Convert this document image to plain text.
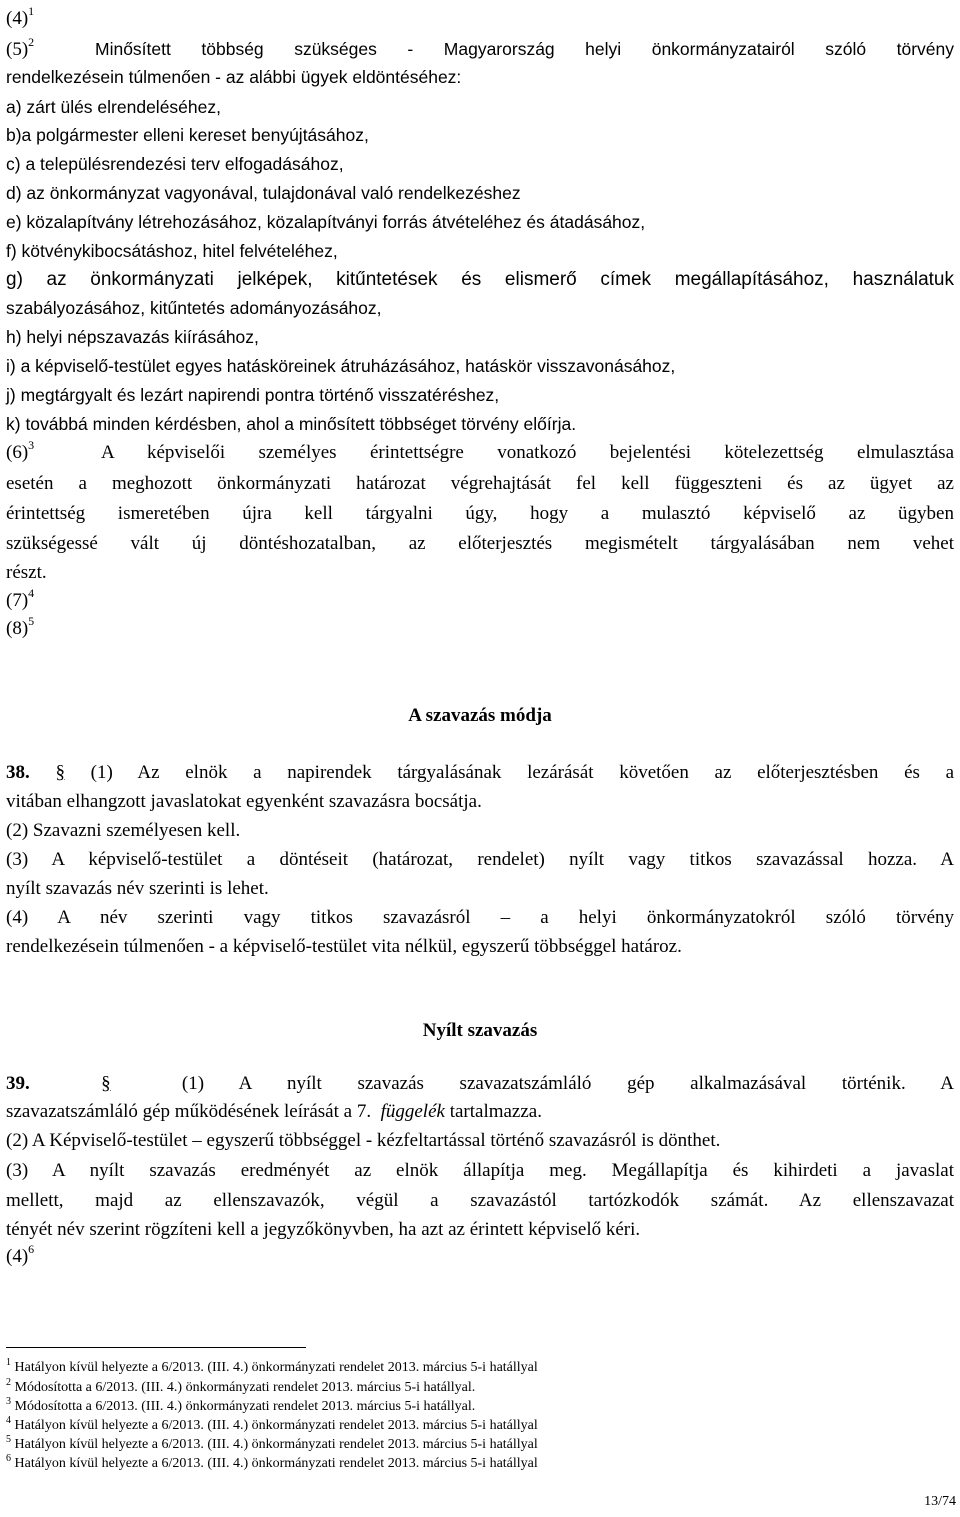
$(4)^1$
$(5)^2$	Minősített többség szükséges - Magyarország helyi önkormányzatairól szóló törvény
rendelkezésein túlmenően - az alábbi ügyek eldöntéséhez:
a) zárt ülés elrendeléséhez,
b)a polgármester elleni kereset benyújtásához,
c) a településrendezési terv elfogadásához,
d) az önkormányzat vagyonával, tulajdonával való rendelkezéshez
e) közalapítvány létrehozásához, közalapítványi forrás átvételéhez és átadásához,
f) kötvénykibocsátáshoz, hitel felvételéhez,
g) az önkormányzati jelképek, kitűntetések és elismerő címek megállapításához, használatuk
szabályozásához, kitűntetés adományozásához,
h) helyi népszavazás kiírásához,
i) a képviselő-testület egyes hatásköreinek átruházásához, hatáskör visszavonásához,
j) megtárgyalt és lezárt napirendi pontra történő visszatéréshez,
k) továbbá minden kérdésben, ahol a minősített többséget törvény előírja.
$(6)^3$	A képviselői személyes érintettségre vonatkozó bejelentési kötelezettség elmulasztása
esetén a meghozott önkormányzati határozat végrehajtását fel kell függeszteni és az ügyet az
érintettség ismeretében újra kell tárgyalni úgy, hogy a mulasztó képviselő az ügyben
szükségessé vált új döntéshozatalban, az előterjesztés megismételt tárgyalásában nem vehet
részt.
$(7)^4$
$(8)^5$
A szavazás módja
38. § (1) Az elnök a napirendek tárgyalásának lezárását követően az előterjesztésben és a
vitában elhangzott javaslatokat egyenként szavazásra bocsátja.
(2) Szavazni személyesen kell.
(3) A képviselő-testület a döntéseit (határozat, rendelet) nyílt vagy titkos szavazással hozza. A
nyílt szavazás név szerinti is lehet.
(4) A név szerinti vagy titkos szavazásról – a helyi önkormányzatokról szóló törvény
rendelkezésein túlmenően - a képviselő-testület vita nélkül, egyszerű többséggel határoz.
Nyílt szavazás
39.	§	(1) A nyílt szavazás szavazatszámláló gép alkalmazásával történik. A
szavazatszámláló gép működésének leírását a 7. függelék tartalmazza.
(2) A Képviselő-testület – egyszerű többséggel - kézfeltartással történő szavazásról is dönthet.
(3) A nyílt szavazás eredményét az elnök állapítja meg. Megállapítja és kihirdeti a javaslat
mellett, majd az ellenszavazók, végül a szavazástól tartózkodók számát. Az ellenszavazat
tényét név szerint rögzíteni kell a jegyzőkönyvben, ha azt az érintett képviselő kéri.
$(4)^6$
$^1$ Hatályon kívül helyezte a 6/2013. (III. 4.) önkormányzati rendelet 2013. március 5-i hatállyal
$^2$ Módosította a 6/2013. (III. 4.) önkormányzati rendelet 2013. március 5-i hatállyal.
$^3$ Módosította a 6/2013. (III. 4.) önkormányzati rendelet 2013. március 5-i hatállyal.
$^4$ Hatályon kívül helyezte a 6/2013. (III. 4.) önkormányzati rendelet 2013. március 5-i hatállyal
$^5$ Hatályon kívül helyezte a 6/2013. (III. 4.) önkormányzati rendelet 2013. március 5-i hatállyal
$^6$ Hatályon kívül helyezte a 6/2013. (III. 4.) önkormányzati rendelet 2013. március 5-i hatállyal
13/74
